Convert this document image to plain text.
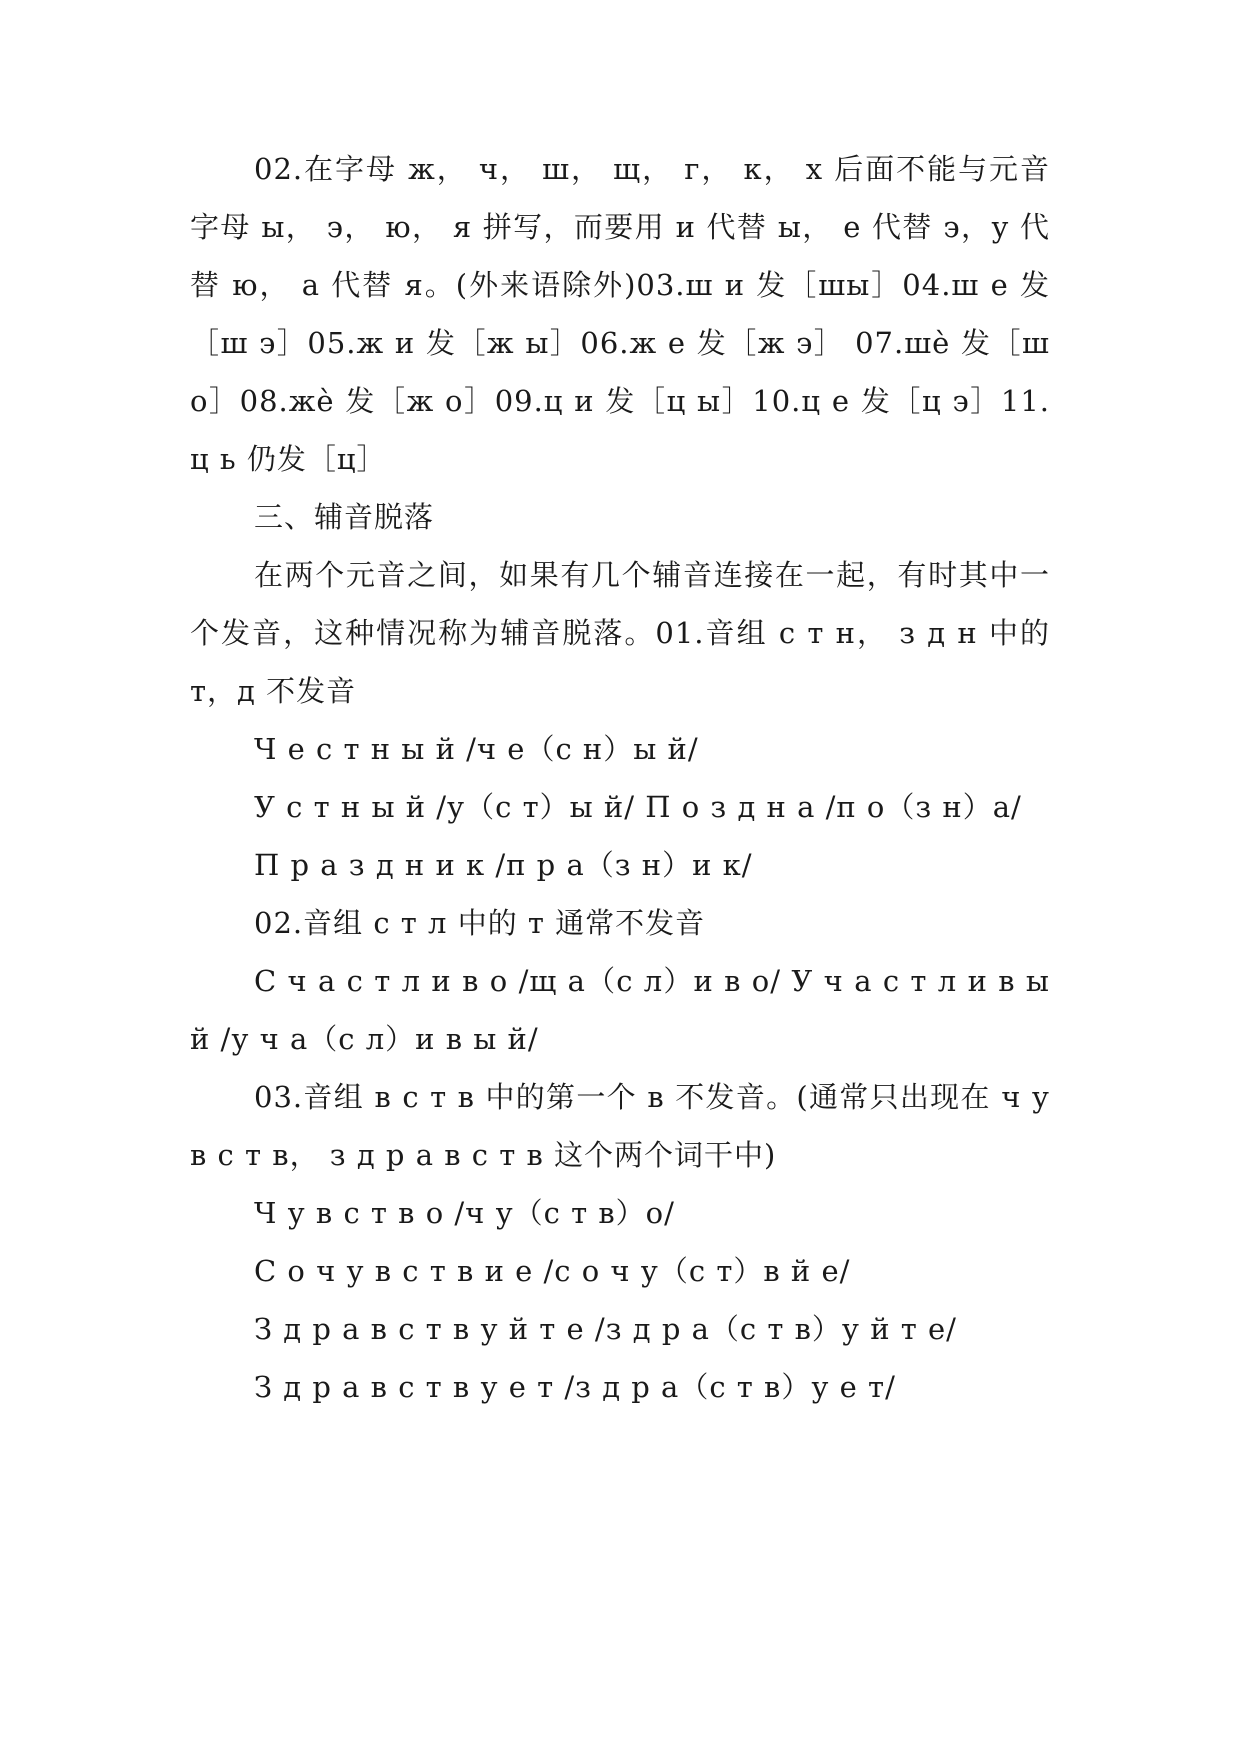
02.在字母 ж， ч， ш， щ， г， к， х 后面不能与元音字母 ы， э， ю， я 拼写，而要用 и 代替 ы， е 代替 э，у 代替 ю， а 代替 я。(外来语除外)03.ш и 发［шы］04.ш е 发［ш э］05.ж и 发［ж ы］06.ж е 发［ж э］ 07.шѐ 发［ш о］08.жѐ 发［ж о］09.ц и 发［ц ы］10.ц е 发［ц э］11.ц ь 仍发［ц］

三、辅音脱落

在两个元音之间，如果有几个辅音连接在一起，有时其中一个发音，这种情况称为辅音脱落。01.音组 с т н， з д н 中的 т，д 不发音

Ч е с т н ы й /ч е（с н）ы й/

У с т н ы й /у（с т）ы й/ П о з д н а /п о（з н）а/

П р а з д н и к /п р а（з н）и к/

02.音组 с т л 中的 т 通常不发音

С ч а с т л и в о /щ а（с л）и в о/ У ч а с т л и в ы й /у ч а（с л）и в ы й/

03.音组 в с т в 中的第一个 в 不发音。(通常只出现在 ч у в с т в， з д р а в с т в 这个两个词干中)

Ч у в с т в о /ч у（с т в）о/

С о ч у в с т в и е /с о ч у（с т）в й е/

З д р а в с т в у й т е /з д р а（с т в）у й т е/

З д р а в с т в у е т /з д р а（с т в）у е т/
